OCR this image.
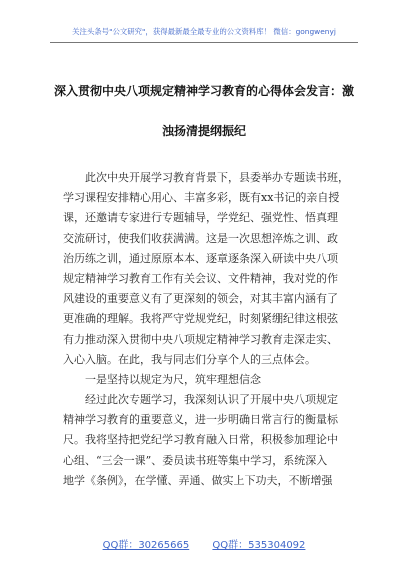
关注头条号"公文研究"，获得最新最全最专业的公文资料库！ 微信：gongwenyj
深入贯彻中央八项规定精神学习教育的心得体会发言：激
浊扬清提纲振纪
此次中央开展学习教育背景下，县委举办专题读书班，
学习课程安排精心用心、丰富多彩，既有xx书记的亲自授
课，还邀请专家进行专题辅导，学党纪、强党性、悟真理
交流研讨，使我们收获满满。这是一次思想淬炼之训、政
治历练之训，通过原原本本、逐章逐条深入研读中央八项
规定精神学习教育工作有关会议、文件精神，我对党的作
风建设的重要意义有了更深刻的领会，对其丰富内涵有了
更准确的理解。我将严守党规党纪，时刻紧绷纪律这根弦
有力推动深入贯彻中央八项规定精神学习教育走深走实、
入心入脑。在此，我与同志们分享个人的三点体会。
一是坚持以规定为尺，筑牢理想信念
经过此次专题学习，我深刻认识了开展中央八项规定
精神学习教育的重要意义，进一步明确日常言行的衡量标
尺。我将坚持把党纪学习教育融入日常，积极参加理论中
心组、“三会一课”、委员读书班等集中学习，系统深入
地学《条例》，在学懂、弄通、做实上下功夫，不断增强
QQ群：30265665 QQ群：535304092
